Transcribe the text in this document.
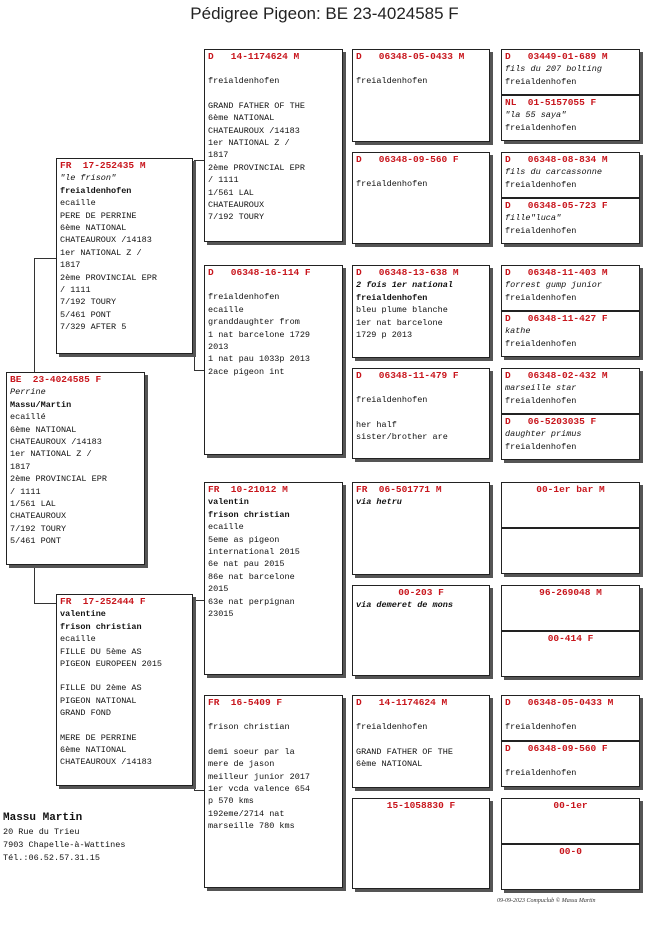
Pédigree Pigeon: BE 23-4024585 F
BE  23-4024585 F
Perrine
Massu/Martin
ecaillé
6ème NATIONAL
CHATEAUROUX /14183
1er NATIONAL Z /
1817
2ème PROVINCIAL EPR
/ 1111
1/561 LAL
CHATEAUROUX
7/192 TOURY
5/461 PONT
FR  17-252435 M
"le frison"
freialdenhofen
ecaille
PERE DE PERRINE
6ème NATIONAL
CHATEAUROUX /14183
1er NATIONAL Z /
1817
2ème PROVINCIAL EPR
/ 1111
7/192 TOURY
5/461 PONT
7/329 AFTER 5
FR  17-252444 F
valentine
frison christian
ecaille
FILLE DU 5ème AS
PIGEON EUROPEEN 2015
FILLE DU 2ème AS
PIGEON NATIONAL
GRAND FOND
MERE DE PERRINE
6ème NATIONAL
CHATEAUROUX /14183
D   14-1174624 M
freialdenhofen
GRAND FATHER OF THE
6ème NATIONAL
CHATEAUROUX /14183
1er NATIONAL Z /
1817
2ème PROVINCIAL EPR
/ 1111
1/561 LAL
CHATEAUROUX
7/192 TOURY
D   06348-16-114 F
freialdenhofen
ecaille
granddaughter from
1 nat barcelone 1729
2013
1 nat pau 1033p 2013
2ace pigeon int
FR  10-21012 M
valentin
frison christian
ecaille
5eme as pigeon
international 2015
6e nat pau 2015
86e nat barcelone
2015
63e nat perpignan
23015
FR  16-5409 F
frison christian
demi soeur par la
mere de jason
meilleur junior 2017
1er vcda valence 654
p 570 kms
192eme/2714 nat
marseille 780 kms
D   06348-05-0433 M
freialdenhofen
D   06348-09-560 F
freialdenhofen
D   06348-13-638 M
2 fois 1er national
freialdenhofen
bleu plume blanche
1er nat barcelone
1729 p 2013
D   06348-11-479 F
freialdenhofen
her half
sister/brother are
FR  06-501771 M
via hetru
00-203 F
via demeret de mons
D   14-1174624 M
freialdenhofen
GRAND FATHER OF THE
6ème NATIONAL
15-1058830 F
D   03449-01-689 M
fils du 207 bolting
freialdenhofen
NL  01-5157055 F
"la 55 saya"
freialdenhofen
D   06348-08-834 M
fils du carcassonne
freialdenhofen
D   06348-05-723 F
fille"luca"
freialdenhofen
D   06348-11-403 M
forrest gump junior
freialdenhofen
D   06348-11-427 F
kathe
freialdenhofen
D   06348-02-432 M
marseille star
freialdenhofen
D   06-5203035 F
daughter primus
freialdenhofen
00-1er bar M
96-269048 M
00-414 F
D   06348-05-0433 M
freialdenhofen
D   06348-09-560 F
freialdenhofen
00-1er
00-0
Massu Martin
20 Rue du Trieu
7903 Chapelle-à-Wattines
Tél.:06.52.57.31.15
09-09-2023 Compuclub © Massu Martin
